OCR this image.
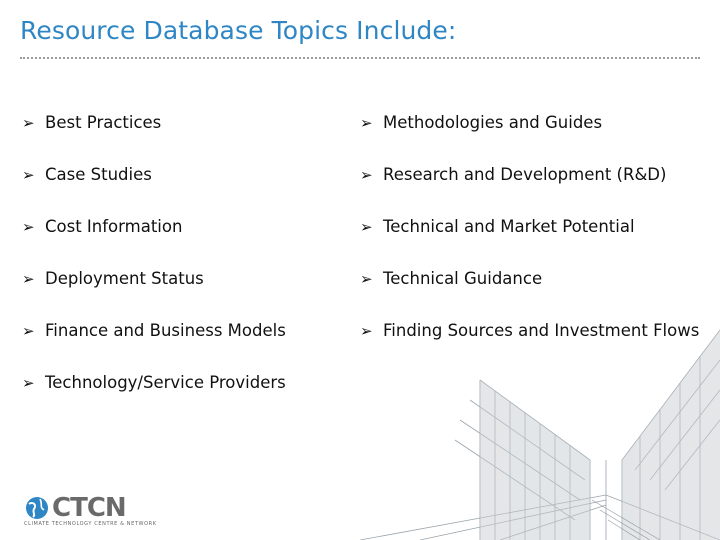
Resource Database Topics Include:
➢ Best Practices
➢ Case Studies
➢ Cost Information
➢ Deployment Status
➢ Finance and Business Models
➢ Technology/Service Providers
➢ Methodologies and Guides
➢ Research and Development (R&D)
➢ Technical and Market Potential
➢ Technical Guidance
➢ Finding Sources and Investment Flows
CTCN
CLIMATE TECHNOLOGY CENTRE & NETWORK
